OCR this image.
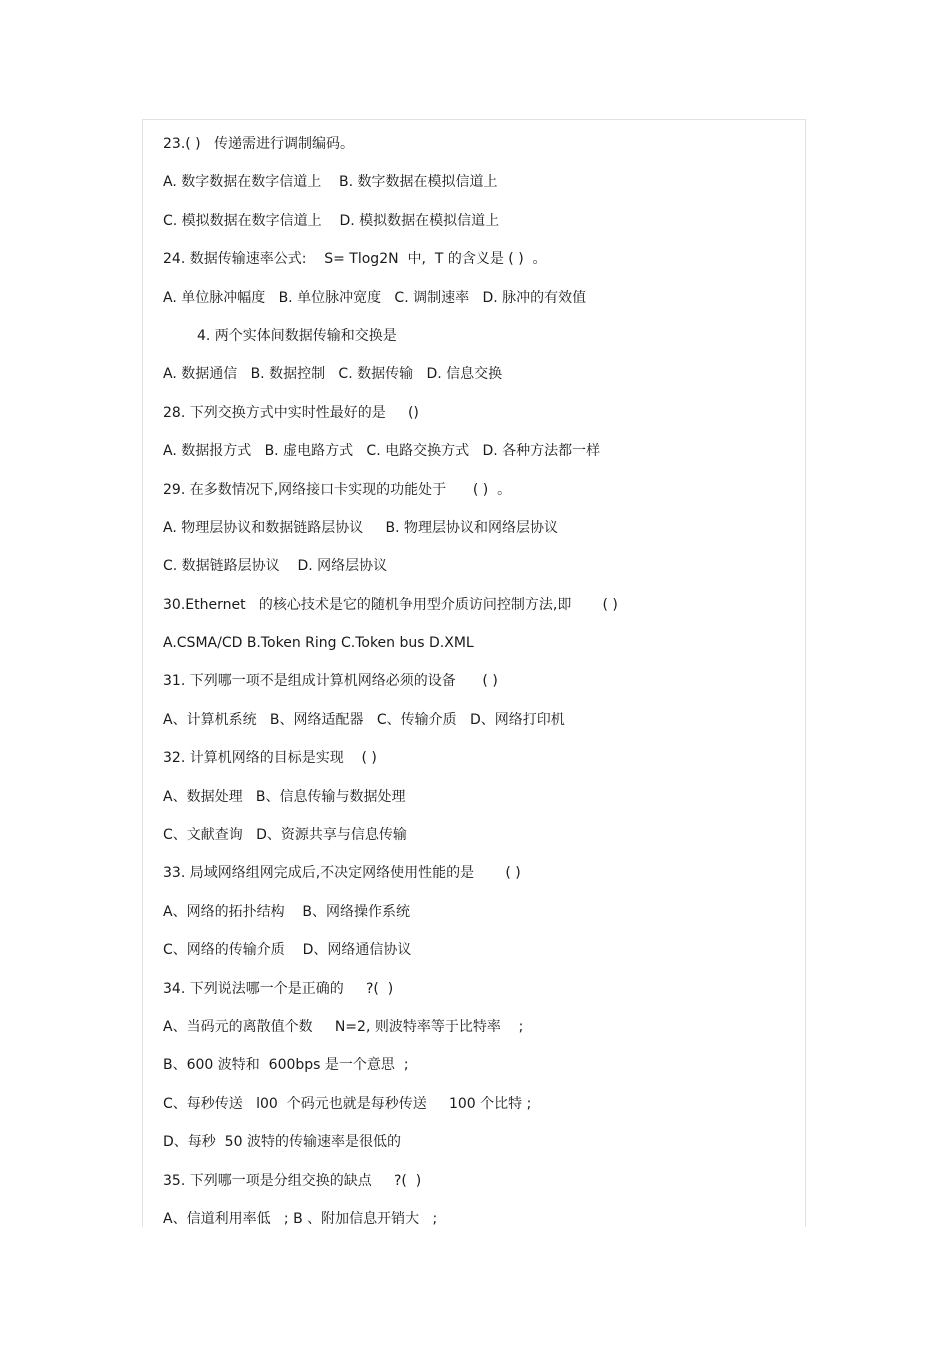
23.( )   传递需进行调制编码。
A. 数字数据在数字信道上    B. 数字数据在模拟信道上
C. 模拟数据在数字信道上    D. 模拟数据在模拟信道上
24. 数据传输速率公式:    S= Tlog2N  中,  T 的含义是 ( )  。
A. 单位脉冲幅度   B. 单位脉冲宽度   C. 调制速率   D. 脉冲的有效值
4. 两个实体间数据传输和交换是
A. 数据通信   B. 数据控制   C. 数据传输   D. 信息交换
28. 下列交换方式中实时性最好的是     ()
A. 数据报方式   B. 虚电路方式   C. 电路交换方式   D. 各种方法都一样
29. 在多数情况下,网络接口卡实现的功能处于      ( )  。
A. 物理层协议和数据链路层协议     B. 物理层协议和网络层协议
C. 数据链路层协议    D. 网络层协议
30.Ethernet   的核心技术是它的随机争用型介质访问控制方法,即       ( )
A.CSMA/CD B.Token Ring C.Token bus D.XML
31. 下列哪一项不是组成计算机网络必须的设备      ( )
A、计算机系统   B、网络适配器   C、传输介质   D、网络打印机
32. 计算机网络的目标是实现    ( )
A、数据处理   B、信息传输与数据处理
C、文献查询   D、资源共享与信息传输
33. 局域网络组网完成后,不决定网络使用性能的是       ( )
A、网络的拓扑结构    B、网络操作系统
C、网络的传输介质    D、网络通信协议
34. 下列说法哪一个是正确的     ?(  )
A、当码元的离散值个数     N=2, 则波特率等于比特率    ;
B、600 波特和  600bps 是一个意思  ;
C、每秒传送   l00  个码元也就是每秒传送     100 个比特 ;
D、每秒  50 波特的传输速率是很低的
35. 下列哪一项是分组交换的缺点     ?(  )
A、信道利用率低   ; B 、附加信息开销大   ;
